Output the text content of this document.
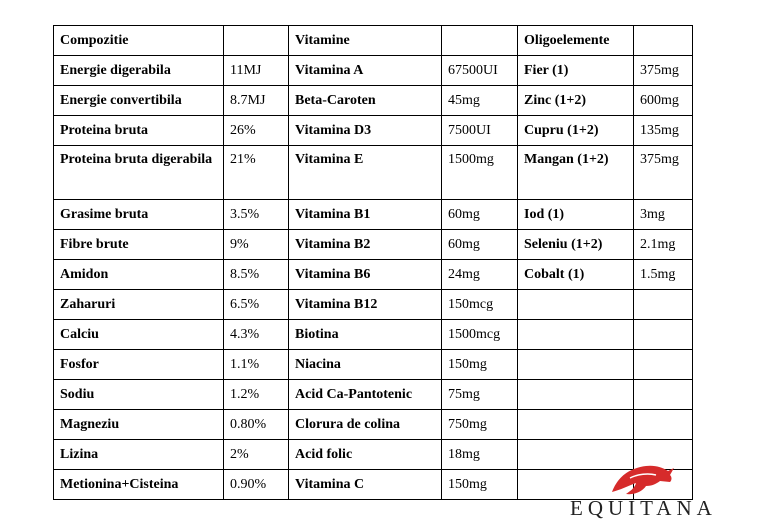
Compozitie		Vitamine		Oligoelemente	
Energie digerabila	11MJ	Vitamina A	67500UI	Fier (1)	375mg
Energie convertibila	8.7MJ	Beta-Caroten	45mg	Zinc (1+2)	600mg
Proteina bruta	26%	Vitamina D3	7500UI	Cupru (1+2)	135mg
Proteina bruta digerabila	21%	Vitamina E	1500mg	Mangan (1+2)	375mg
Grasime bruta	3.5%	Vitamina B1	60mg	Iod (1)	3mg
Fibre brute	9%	Vitamina B2	60mg	Seleniu (1+2)	2.1mg
Amidon	8.5%	Vitamina B6	24mg	Cobalt (1)	1.5mg
Zaharuri	6.5%	Vitamina B12	150mcg		
Calciu	4.3%	Biotina	1500mcg		
Fosfor	1.1%	Niacina	150mg		
Sodiu	1.2%	Acid Ca-Pantotenic	75mg		
Magneziu	0.80%	Clorura de colina	750mg		
Lizina	2%	Acid folic	18mg		
Metionina+Cisteina	0.90%	Vitamina C	150mg		
EQUITANA
